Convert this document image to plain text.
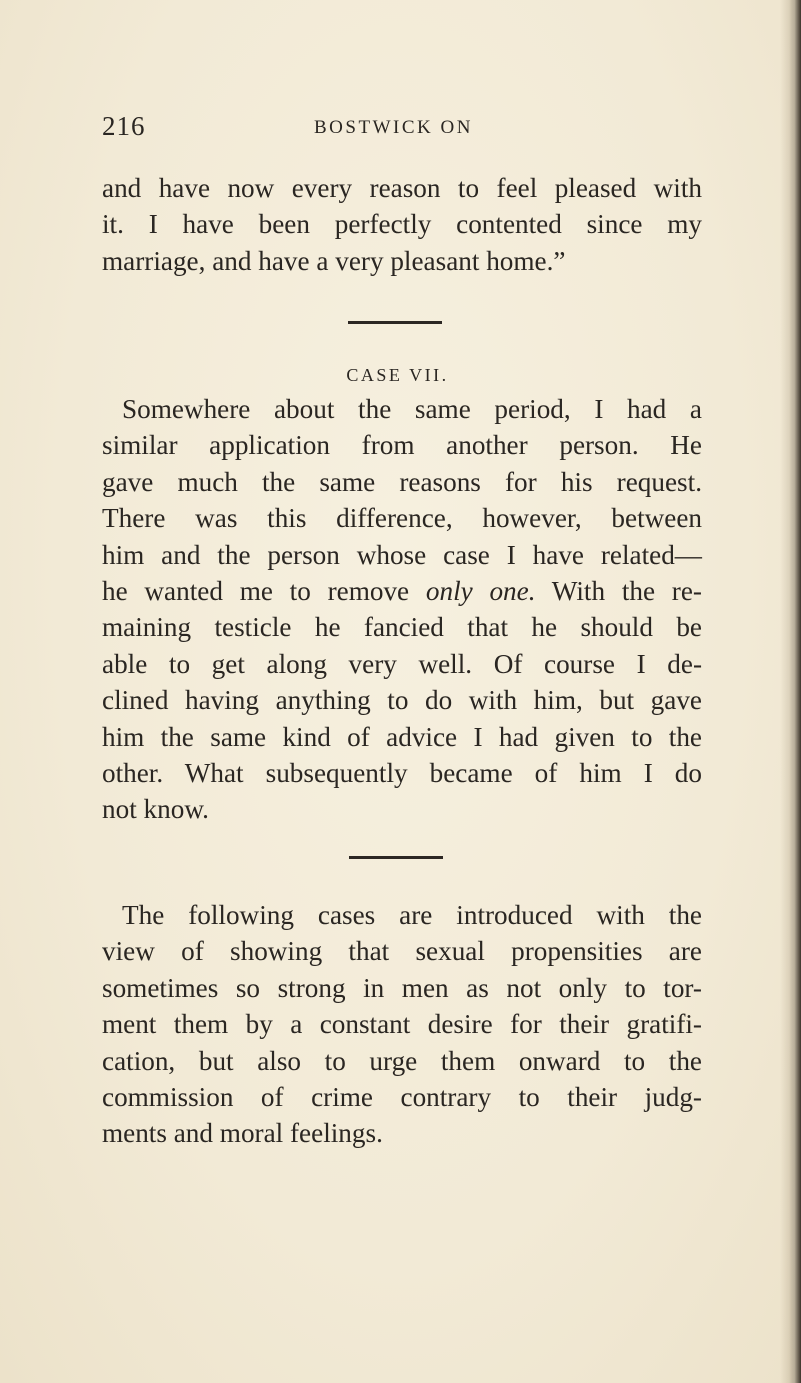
216	BOSTWICK ON
and have now every reason to feel pleased with
it. I have been perfectly contented since my
marriage, and have a very pleasant home.”
CASE VII.
Somewhere about the same period, I had a
similar application from another person. He
gave much the same reasons for his request.
There was this difference, however, between
him and the person whose case I have related—
he wanted me to remove only one. With the re-
maining testicle he fancied that he should be
able to get along very well. Of course I de-
clined having anything to do with him, but gave
him the same kind of advice I had given to the
other. What subsequently became of him I do
not know.
The following cases are introduced with the
view of showing that sexual propensities are
sometimes so strong in men as not only to tor-
ment them by a constant desire for their gratifi-
cation, but also to urge them onward to the
commission of crime contrary to their judg-
ments and moral feelings.
